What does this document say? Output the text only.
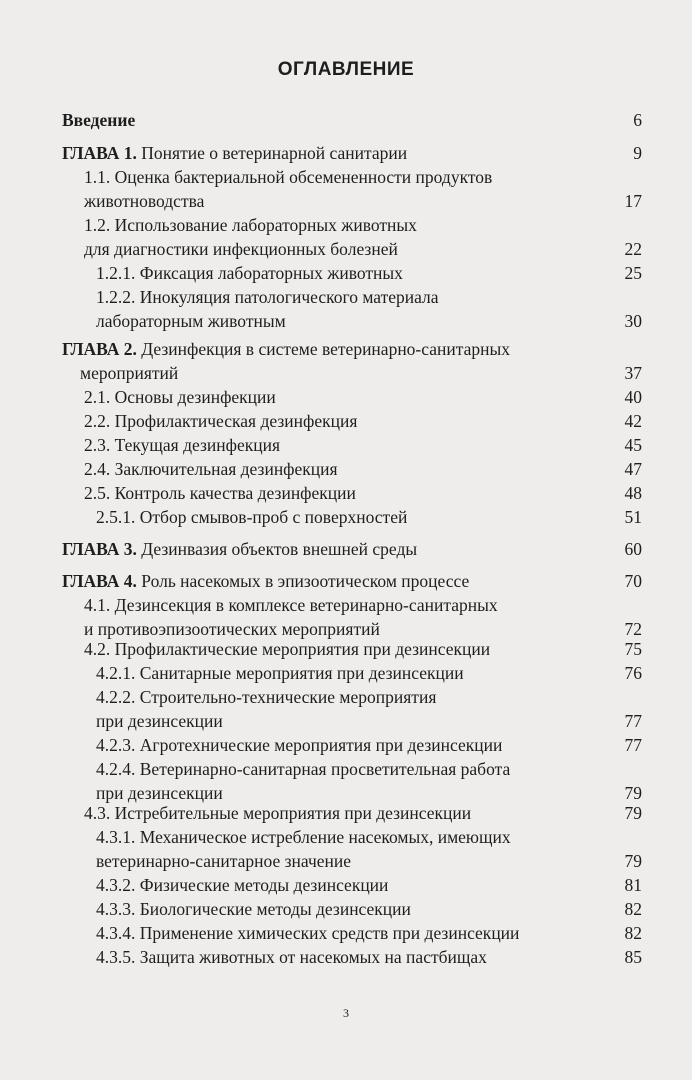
ОГЛАВЛЕНИЕ
Введение	6
ГЛАВА 1. Понятие о ветеринарной санитарии	9
1.1. Оценка бактериальной обсемененности продуктов
животноводства	17
1.2. Использование лабораторных животных
для диагностики инфекционных болезней	22
1.2.1. Фиксация лабораторных животных	25
1.2.2. Инокуляция патологического материала
лабораторным животным	30
ГЛАВА 2. Дезинфекция в системе ветеринарно-санитарных
мероприятий	37
2.1. Основы дезинфекции	40
2.2. Профилактическая дезинфекция	42
2.3. Текущая дезинфекция	45
2.4. Заключительная дезинфекция	47
2.5. Контроль качества дезинфекции	48
2.5.1. Отбор смывов-проб с поверхностей	51
ГЛАВА 3. Дезинвазия объектов внешней среды	60
ГЛАВА 4. Роль насекомых в эпизоотическом процессе	70
4.1. Дезинсекция в комплексе ветеринарно-санитарных
и противоэпизоотических мероприятий	72
4.2. Профилактические мероприятия при дезинсекции	75
4.2.1. Санитарные мероприятия при дезинсекции	76
4.2.2. Строительно-технические мероприятия
при дезинсекции	77
4.2.3. Агротехнические мероприятия при дезинсекции	77
4.2.4. Ветеринарно-санитарная просветительная работа
при дезинсекции	79
4.3. Истребительные мероприятия при дезинсекции	79
4.3.1. Механическое истребление насекомых, имеющих
ветеринарно-санитарное значение	79
4.3.2. Физические методы дезинсекции	81
4.3.3. Биологические методы дезинсекции	82
4.3.4. Применение химических средств при дезинсекции	82
4.3.5. Защита животных от насекомых на пастбищах	85
3
